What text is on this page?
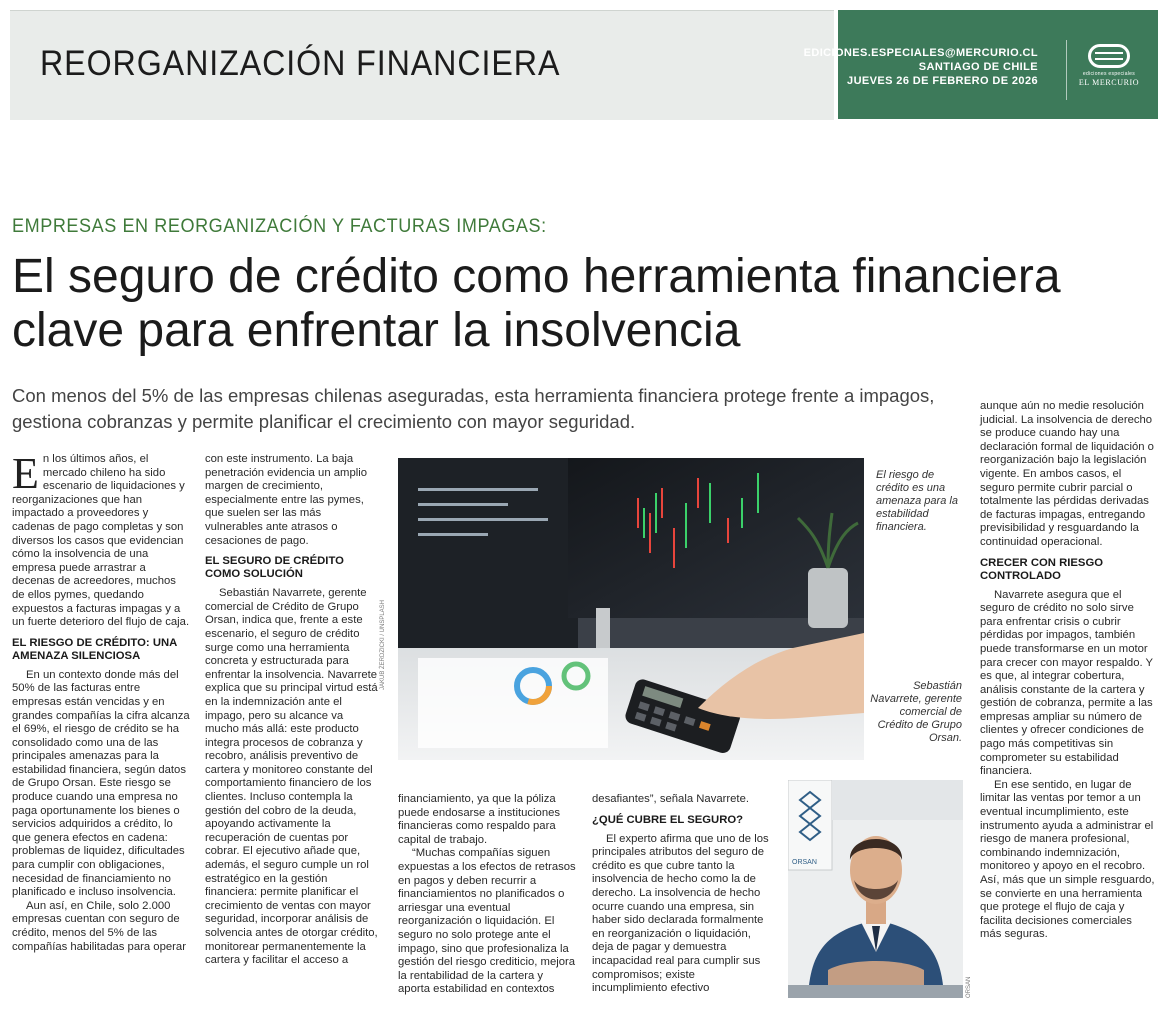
REORGANIZACIÓN FINANCIERA	EDICIONES.ESPECIALES@MERCURIO.CL
SANTIAGO DE CHILE
JUEVES 26 DE FEBRERO DE 2026
ediciones especiales
EL MERCURIO
EMPRESAS EN REORGANIZACIÓN Y FACTURAS IMPAGAS:
El seguro de crédito como herramienta financiera clave para enfrentar la insolvencia
Con menos del 5% de las empresas chilenas aseguradas, esta herramienta financiera protege frente a impagos, gestiona cobranzas y permite planificar el crecimiento con mayor seguridad.

En los últimos años, el mercado chileno ha sido escenario de liquidaciones y reorganizaciones que han impactado a proveedores y cadenas de pago completas y son diversos los casos que evidencian cómo la insolvencia de una empresa puede arrastrar a decenas de acreedores, muchos de ellos pymes, quedando expuestos a facturas impagas y a un fuerte deterioro del flujo de caja.

EL RIESGO DE CRÉDITO: UNA AMENAZA SILENCIOSA

En un contexto donde más del 50% de las facturas entre empresas están vencidas y en grandes compañías la cifra alcanza el 69%, el riesgo de crédito se ha consolidado como una de las principales amenazas para la estabilidad financiera, según datos de Grupo Orsan. Este riesgo se produce cuando una empresa no paga oportunamente los bienes o servicios adquiridos a crédito, lo que genera efectos en cadena: problemas de liquidez, dificultades para cumplir con obligaciones, necesidad de financiamiento no planificado e incluso insolvencia.

Aun así, en Chile, solo 2.000 empresas cuentan con seguro de crédito, menos del 5% de las compañías habilitadas para operar

con este instrumento. La baja penetración evidencia un amplio margen de crecimiento, especialmente entre las pymes, que suelen ser las más vulnerables ante atrasos o cesaciones de pago.

EL SEGURO DE CRÉDITO COMO SOLUCIÓN

Sebastián Navarrete, gerente comercial de Crédito de Grupo Orsan, indica que, frente a este escenario, el seguro de crédito surge como una herramienta concreta y estructurada para enfrentar la insolvencia. Navarrete explica que su principal virtud está en la indemnización ante el impago, pero su alcance va mucho más allá: este producto integra procesos de cobranza y recobro, análisis preventivo de cartera y monitoreo constante del comportamiento financiero de los clientes. Incluso contempla la gestión del cobro de la deuda, apoyando activamente la recuperación de cuentas por cobrar. El ejecutivo añade que, además, el seguro cumple un rol estratégico en la gestión financiera: permite planificar el crecimiento de ventas con mayor seguridad, incorporar análisis de solvencia antes de otorgar crédito, monitorear permanentemente la cartera y facilitar el acceso a

JAKUB ŻERDZICKI / UNSPLASH
El riesgo de crédito es una amenaza para la estabilidad financiera.
Sebastián Navarrete, gerente comercial de Crédito de Grupo Orsan.

financiamiento, ya que la póliza puede endosarse a instituciones financieras como respaldo para capital de trabajo.

“Muchas compañías siguen expuestas a los efectos de retrasos en pagos y deben recurrir a financiamientos no planificados o arriesgar una eventual reorganización o liquidación. El seguro no solo protege ante el impago, sino que profesionaliza la gestión del riesgo crediticio, mejora la rentabilidad de la cartera y aporta estabilidad en contextos

desafiantes”, señala Navarrete.

¿QUÉ CUBRE EL SEGURO?

El experto afirma que uno de los principales atributos del seguro de crédito es que cubre tanto la insolvencia de hecho como la de derecho. La insolvencia de hecho ocurre cuando una empresa, sin haber sido declarada formalmente en reorganización o liquidación, deja de pagar y demuestra incapacidad real para cumplir sus compromisos; existe incumplimiento efectivo

ORSAN
ORSAN

aunque aún no medie resolución judicial. La insolvencia de derecho se produce cuando hay una declaración formal de liquidación o reorganización bajo la legislación vigente. En ambos casos, el seguro permite cubrir parcial o totalmente las pérdidas derivadas de facturas impagas, entregando previsibilidad y resguardando la continuidad operacional.

CRECER CON RIESGO CONTROLADO

Navarrete asegura que el seguro de crédito no solo sirve para enfrentar crisis o cubrir pérdidas por impagos, también puede transformarse en un motor para crecer con mayor respaldo. Y es que, al integrar cobertura, análisis constante de la cartera y gestión de cobranza, permite a las empresas ampliar su número de clientes y ofrecer condiciones de pago más competitivas sin comprometer su estabilidad financiera.

En ese sentido, en lugar de limitar las ventas por temor a un eventual incumplimiento, este instrumento ayuda a administrar el riesgo de manera profesional, combinando indemnización, monitoreo y apoyo en el recobro. Así, más que un simple resguardo, se convierte en una herramienta que protege el flujo de caja y facilita decisiones comerciales más seguras.
